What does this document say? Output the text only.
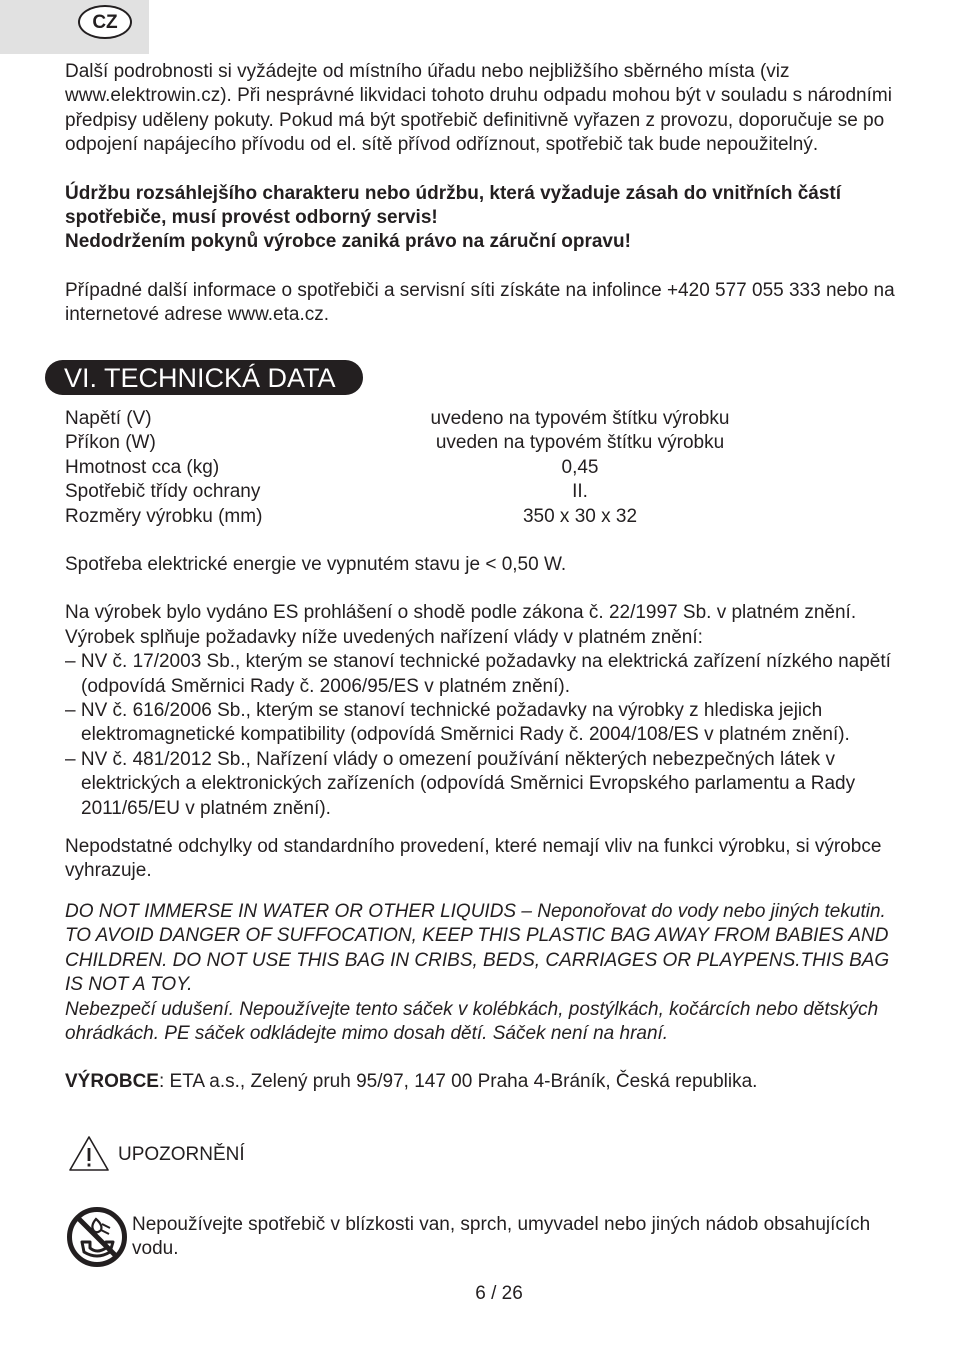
CZ

Další podrobnosti si vyžádejte od místního úřadu nebo nejbližšího sběrného místa (viz www.elektrowin.cz). Při nesprávné likvidaci tohoto druhu odpadu mohou být v souladu s národními předpisy uděleny pokuty. Pokud má být spotřebič definitivně vyřazen z provozu, doporučuje se po odpojení napájecího přívodu od el. sítě přívod odříznout, spotřebič tak bude nepoužitelný.

Údržbu rozsáhlejšího charakteru nebo údržbu, která vyžaduje zásah do vnitřních částí spotřebiče, musí provést odborný servis!

Nedodržením pokynů výrobce zaniká právo na záruční opravu!

Případné další informace o spotřebiči a servisní síti získáte na infolince +420 577 055 333 nebo na internetové adrese www.eta.cz.

VI. TECHNICKÁ DATA
Napětí (V)	uvedeno na typovém štítku výrobku
Příkon (W)	uveden na typovém štítku výrobku
Hmotnost cca (kg)	0,45
Spotřebič třídy ochrany	II.
Rozměry výrobku (mm)	350 x 30 x 32

Spotřeba elektrické energie ve vypnutém stavu je < 0,50 W.

Na výrobek bylo vydáno ES prohlášení o shodě podle zákona č. 22/1997 Sb. v platném znění. Výrobek splňuje požadavky níže uvedených nařízení vlády v platném znění:

– NV č. 17/2003 Sb., kterým se stanoví technické požadavky na elektrická zařízení nízkého napětí (odpovídá Směrnici Rady č. 2006/95/ES v platném znění).

– NV č. 616/2006 Sb., kterým se stanoví technické požadavky na výrobky z hlediska jejich elektromagnetické kompatibility (odpovídá Směrnici Rady č. 2004/108/ES v platném znění).

– NV č. 481/2012 Sb., Nařízení vlády o omezení používání některých nebezpečných látek v elektrických a elektronických zařízeních (odpovídá Směrnici Evropského parlamentu a Rady 2011/65/EU v platném znění).

Nepodstatné odchylky od standardního provedení, které nemají vliv na funkci výrobku, si výrobce vyhrazuje.

DO NOT IMMERSE IN WATER OR OTHER LIQUIDS – Neponořovat do vody nebo jiných tekutin. TO AVOID DANGER OF SUFFOCATION, KEEP THIS PLASTIC BAG AWAY FROM BABIES AND CHILDREN. DO NOT USE THIS BAG IN CRIBS, BEDS, CARRIAGES OR PLAYPENS.THIS BAG IS NOT A TOY.

Nebezpečí udušení. Nepoužívejte tento sáček v kolébkách, postýlkách, kočárcích nebo dětských ohrádkách. PE sáček odkládejte mimo dosah dětí. Sáček není na hraní.

VÝROBCE: ETA a.s., Zelený pruh 95/97, 147 00 Praha 4-Bráník, Česká republika.

UPOZORNĚNÍ

Nepoužívejte spotřebič v blízkosti van, sprch, umyvadel nebo jiných nádob obsahujících vodu.

6 / 26
